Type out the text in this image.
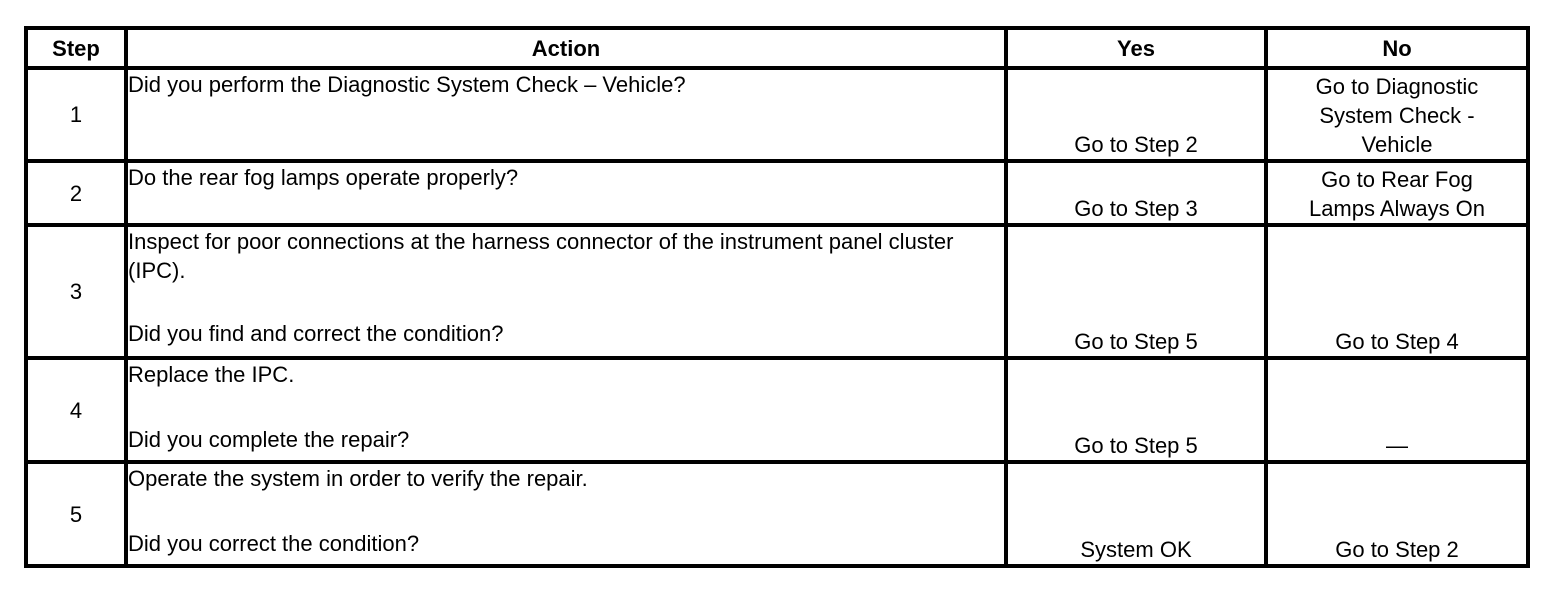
Step	Action	Yes	No
1	Did you perform the Diagnostic System Check – Vehicle?	Go to Step 2	Go to Diagnostic
System Check -
Vehicle

2	Do the rear fog lamps operate properly?	Go to Step 3	Go to Rear Fog
Lamps Always On

3	Inspect for poor connections at the harness connector of the instrument panel cluster (IPC).
Did you find and correct the condition?	Go to Step 5	Go to Step 4
4	Replace the IPC.
Did you complete the repair?	Go to Step 5	—
5	Operate the system in order to verify the repair.
Did you correct the condition?	System OK	Go to Step 2
